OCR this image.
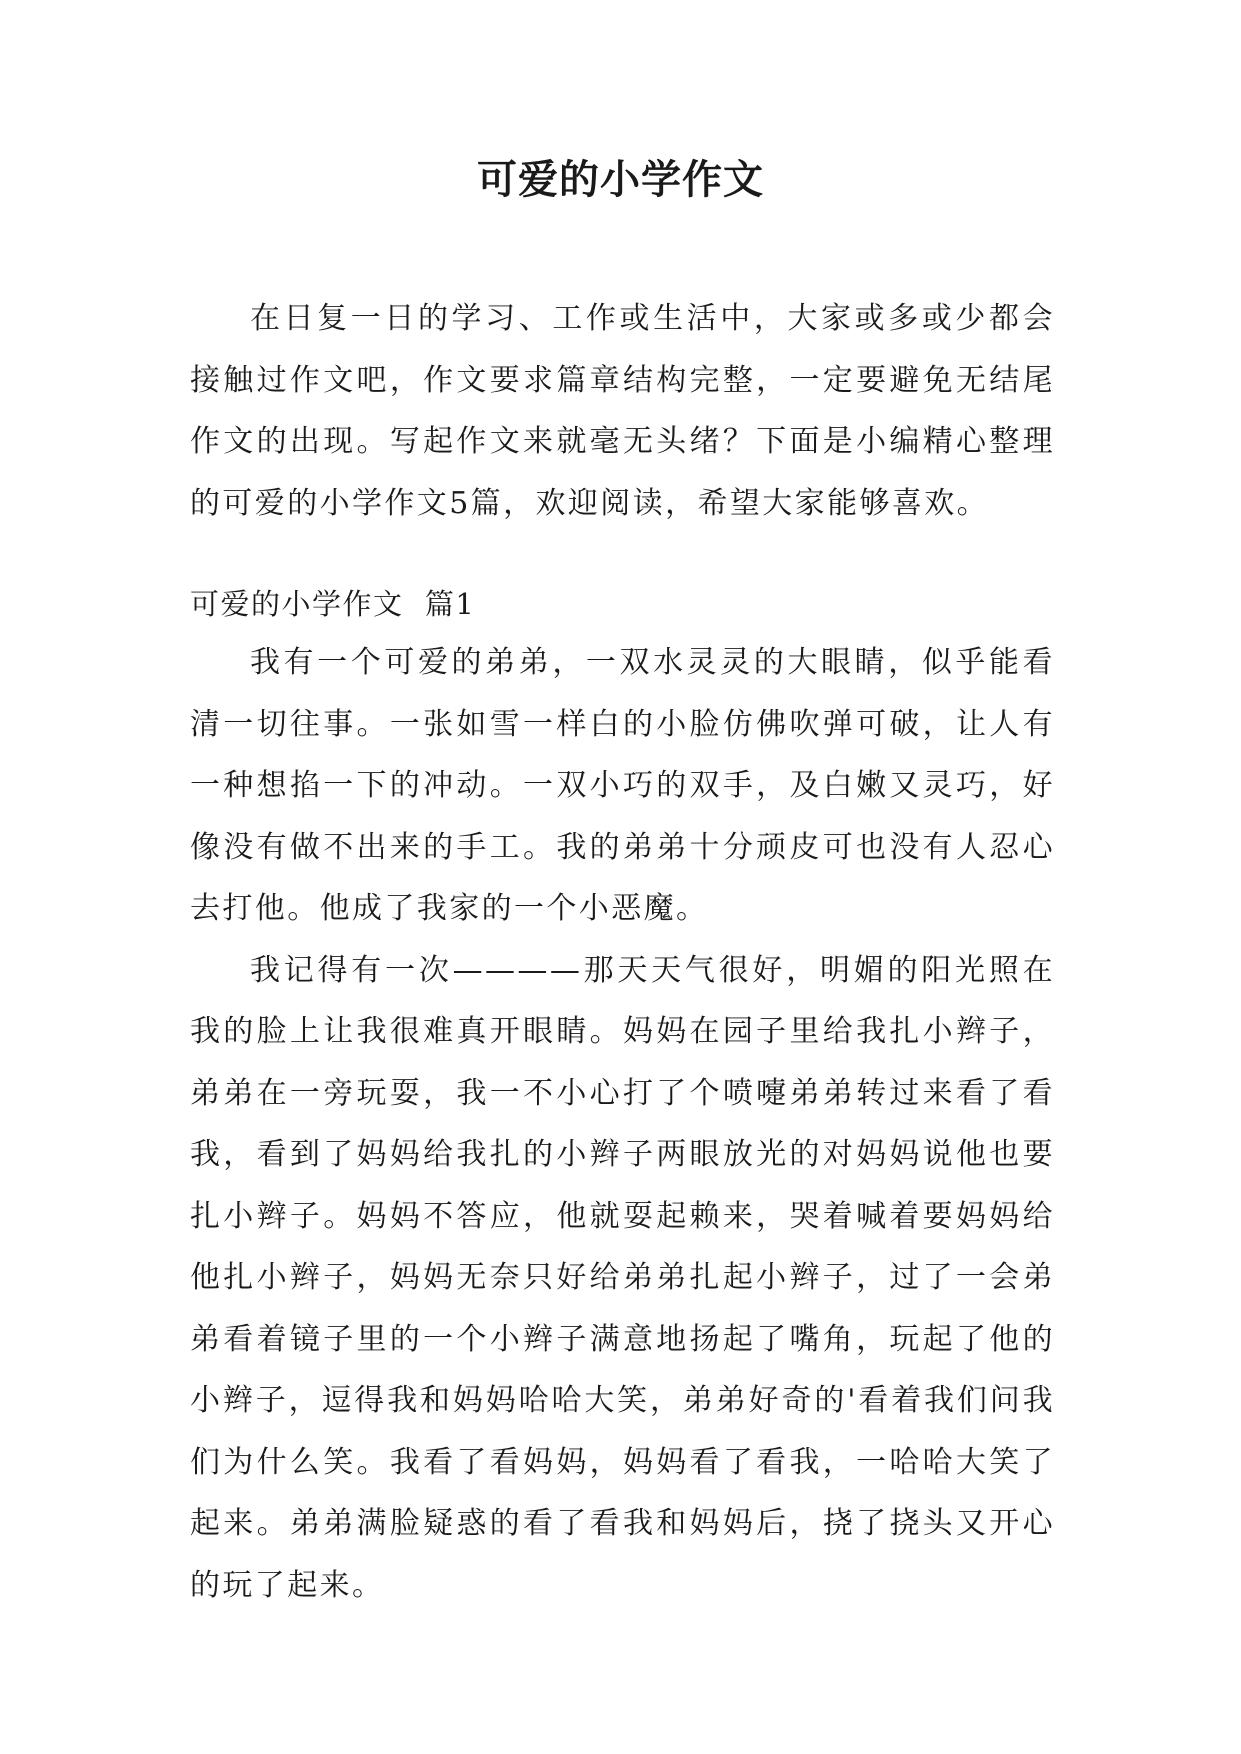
可爱的小学作文

在日复一日的学习、工作或生活中，大家或多或少都会接触过作文吧，作文要求篇章结构完整，一定要避免无结尾作文的出现。写起作文来就毫无头绪？下面是小编精心整理的可爱的小学作文5篇，欢迎阅读，希望大家能够喜欢。

可爱的小学作文  篇1

我有一个可爱的弟弟，一双水灵灵的大眼睛，似乎能看清一切往事。一张如雪一样白的小脸仿佛吹弹可破，让人有一种想掐一下的冲动。一双小巧的双手，及白嫩又灵巧，好像没有做不出来的手工。我的弟弟十分顽皮可也没有人忍心去打他。他成了我家的一个小恶魔。

我记得有一次————那天天气很好，明媚的阳光照在我的脸上让我很难真开眼睛。妈妈在园子里给我扎小辫子，弟弟在一旁玩耍，我一不小心打了个喷嚏弟弟转过来看了看我，看到了妈妈给我扎的小辫子两眼放光的对妈妈说他也要扎小辫子。妈妈不答应，他就耍起赖来，哭着喊着要妈妈给他扎小辫子，妈妈无奈只好给弟弟扎起小辫子，过了一会弟弟看着镜子里的一个小辫子满意地扬起了嘴角，玩起了他的小辫子，逗得我和妈妈哈哈大笑，弟弟好奇的'看着我们问我们为什么笑。我看了看妈妈，妈妈看了看我，一哈哈大笑了起来。弟弟满脸疑惑的看了看我和妈妈后，挠了挠头又开心的玩了起来。
